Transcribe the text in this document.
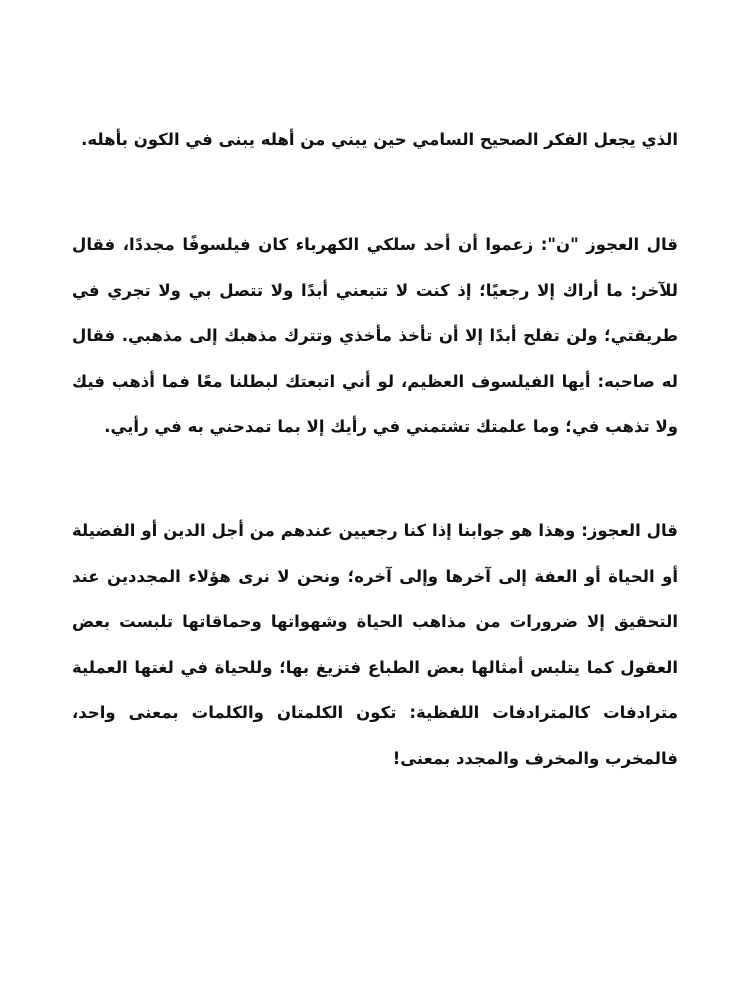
الذي يجعل الفكر الصحيح السامي حين يبني من أهله يبنى في الكون بأهله.

قال العجوز "ن": زعموا أن أحد سلكي الكهرباء كان فيلسوفًا مجددًا، فقال للآخر: ما أراك إلا رجعيًا؛ إذ كنت لا تتبعني أبدًا ولا تتصل بي ولا تجري في طريقتي؛ ولن تفلح أبدًا إلا أن تأخذ مأخذي وتترك مذهبك إلى مذهبي. فقال له صاحبه: أيها الفيلسوف العظيم، لو أني اتبعتك لبطلنا معًا فما أذهب فيك ولا تذهب في؛ وما علمتك تشتمني في رأيك إلا بما تمدحني به في رأيي.

قال العجوز: وهذا هو جوابنا إذا كنا رجعيين عندهم من أجل الدين أو الفضيلة أو الحياة أو العفة إلى آخرها وإلى آخره؛ ونحن لا نرى هؤلاء المجددين عند التحقيق إلا ضرورات من مذاهب الحياة وشهواتها وحماقاتها تلبست بعض العقول كما يتلبس أمثالها بعض الطباع فتزيغ بها؛ وللحياة في لغتها العملية مترادفات كالمترادفات اللفظية: تكون الكلمتان والكلمات بمعنى واحد، فالمخرب والمخرف والمجدد بمعنى!
